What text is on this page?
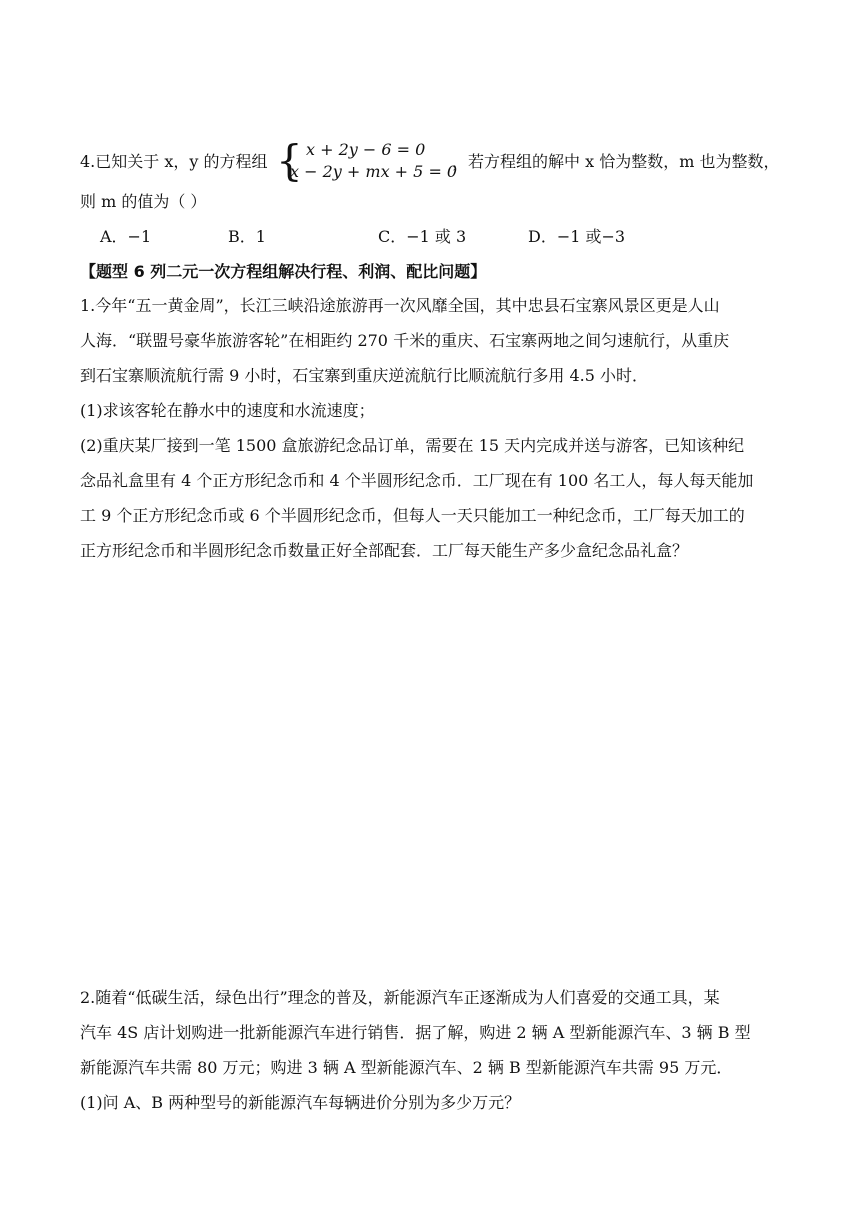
4.已知关于 x，y 的方程组 { x + 2y − 6 = 0
x − 2y + mx + 5 = 0
，若方程组的解中 x 恰为整数，m 也为整数，
则 m 的值为（ ）
A．−1	B．1	C．−1 或 3	D．−1 或−3
【题型 6 列二元一次方程组解决行程、利润、配比问题】
1.今年“五一黄金周”，长江三峡沿途旅游再一次风靡全国，其中忠县石宝寨风景区更是人山
人海．“联盟号豪华旅游客轮”在相距约 270 千米的重庆、石宝寨两地之间匀速航行，从重庆
到石宝寨顺流航行需 9 小时，石宝寨到重庆逆流航行比顺流航行多用 4.5 小时．
(1)求该客轮在静水中的速度和水流速度；
(2)重庆某厂接到一笔 1500 盒旅游纪念品订单，需要在 15 天内完成并送与游客，已知该种纪
念品礼盒里有 4 个正方形纪念币和 4 个半圆形纪念币．工厂现在有 100 名工人，每人每天能加
工 9 个正方形纪念币或 6 个半圆形纪念币，但每人一天只能加工一种纪念币，工厂每天加工的
正方形纪念币和半圆形纪念币数量正好全部配套．工厂每天能生产多少盒纪念品礼盒？
2.随着“低碳生活，绿色出行”理念的普及，新能源汽车正逐渐成为人们喜爱的交通工具，某
汽车 4S 店计划购进一批新能源汽车进行销售．据了解，购进 2 辆 A 型新能源汽车、3 辆 B 型
新能源汽车共需 80 万元；购进 3 辆 A 型新能源汽车、2 辆 B 型新能源汽车共需 95 万元．
(1)问 A、B 两种型号的新能源汽车每辆进价分别为多少万元？
